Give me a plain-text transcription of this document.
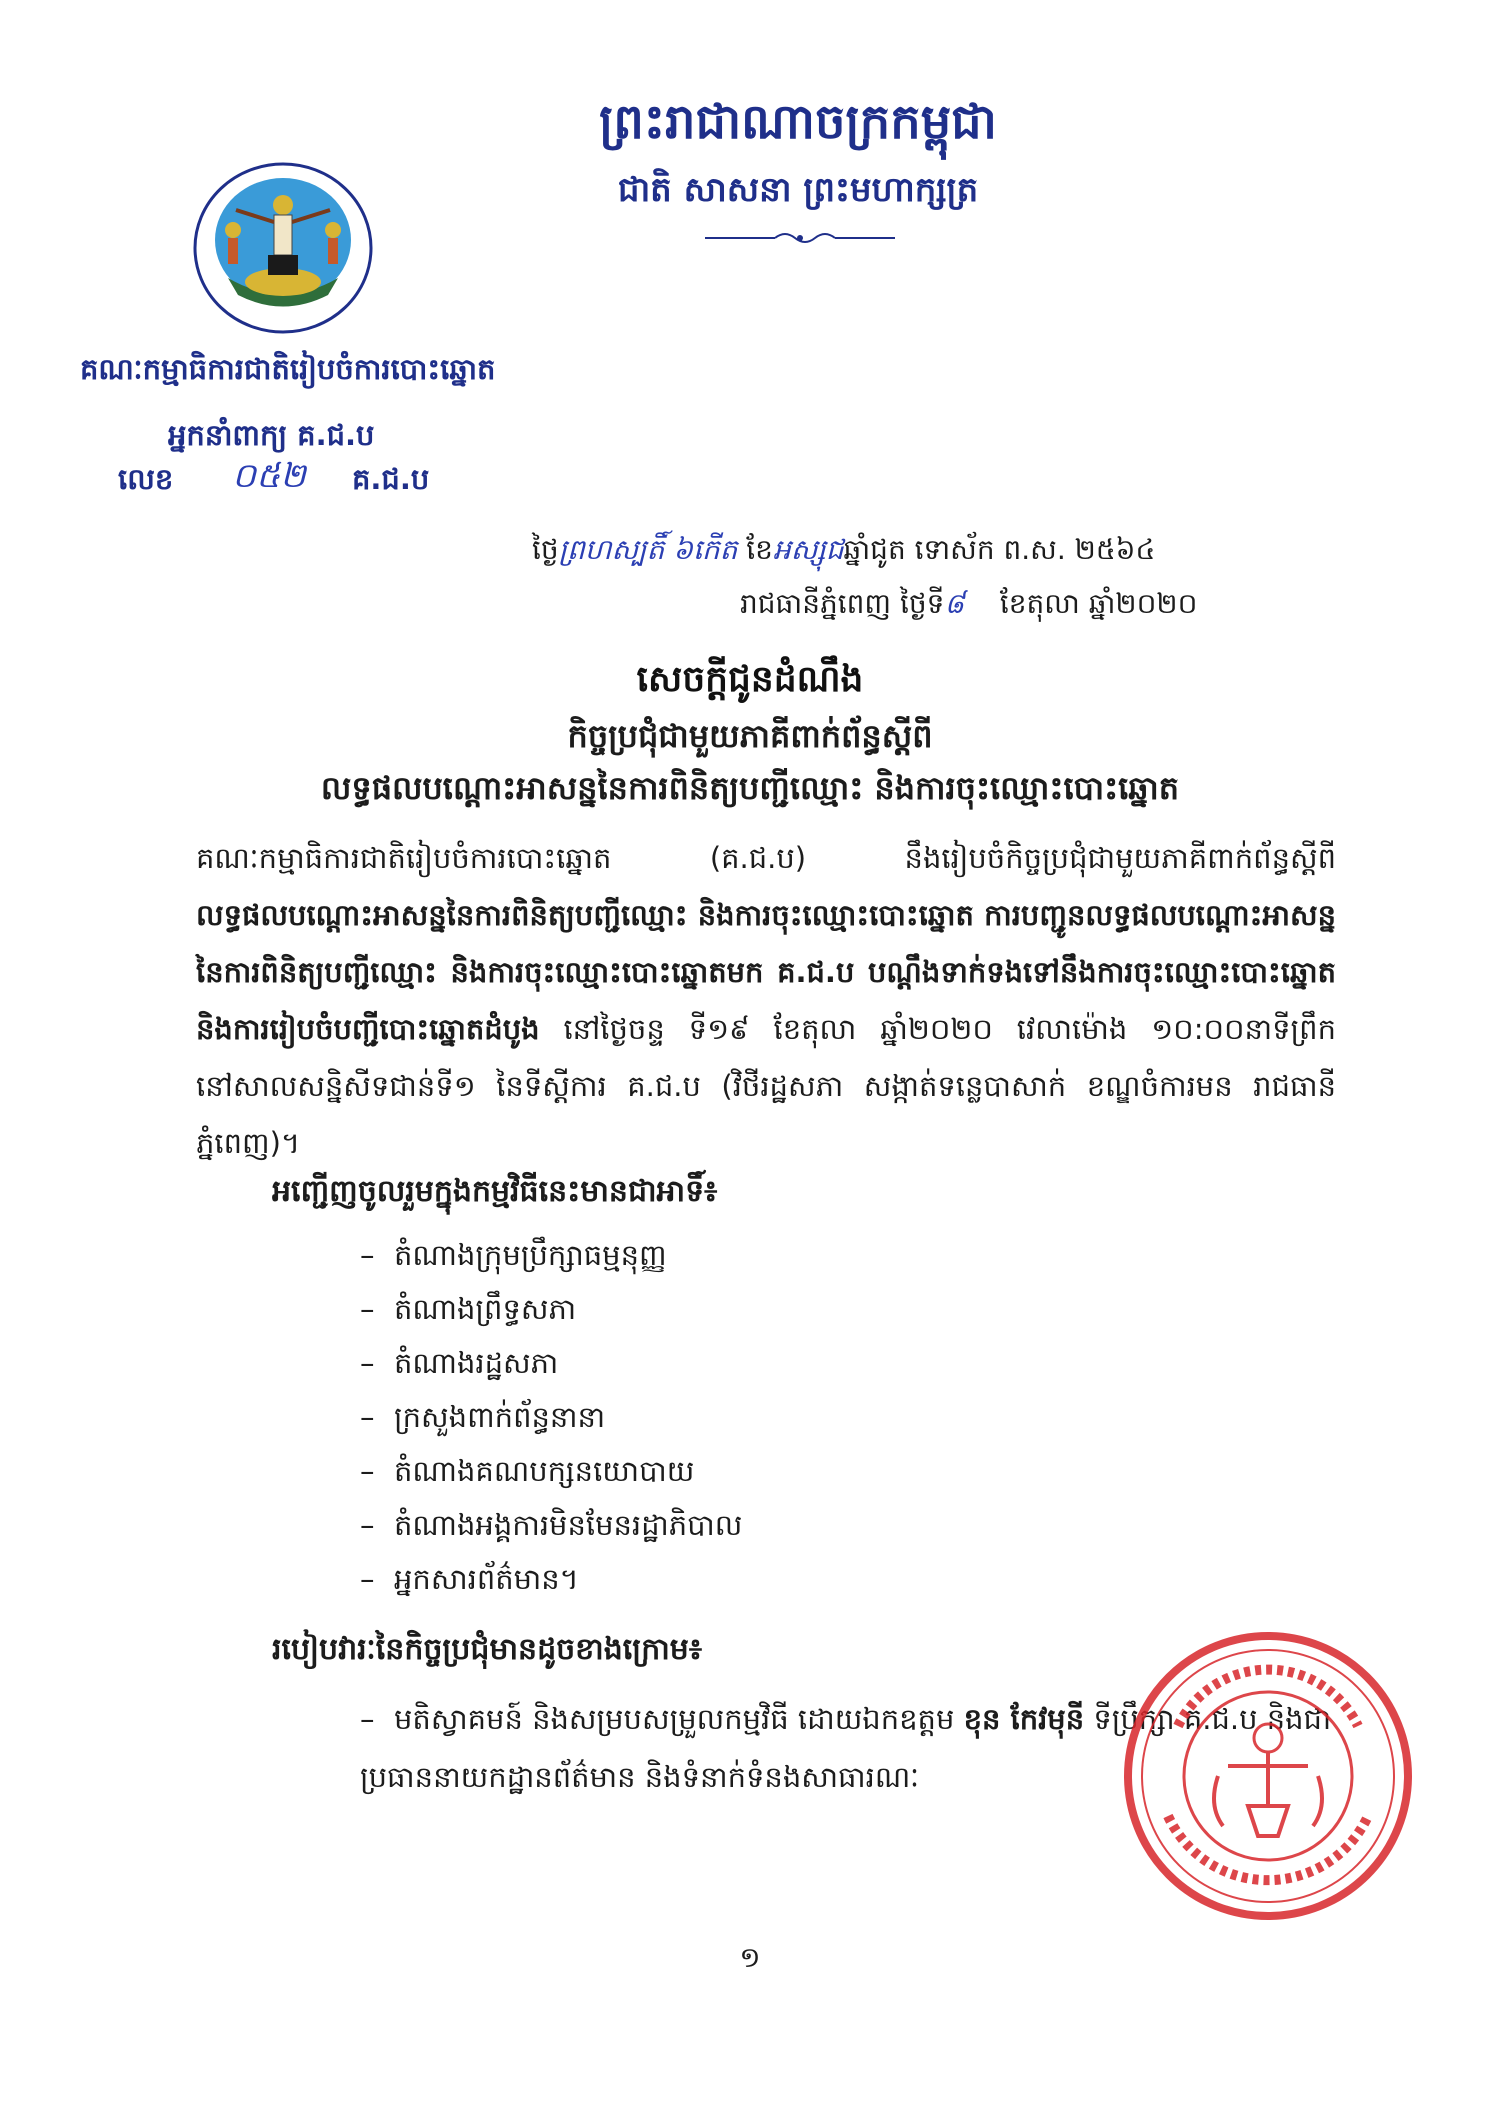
ព្រះរាជាណាចក្រកម្ពុជា
ជាតិ សាសនា ព្រះមហាក្សត្រ
គណៈកម្មាធិការជាតិរៀបចំការបោះឆ្នោត
អ្នកនាំពាក្យ គ.ជ.ប
លេខ ០៥២ គ.ជ.ប
ថ្ងៃព្រហស្បតិ៍ ៦កើត ខែអស្សុជឆ្នាំជូត ទោស័ក ព.ស. ២៥៦៤
រាជធានីភ្នំពេញ ថ្ងៃទី៨ ខែតុលា ឆ្នាំ២០២០
សេចក្តីជូនដំណឹង
កិច្ចប្រជុំជាមួយភាគីពាក់ព័ន្ធស្តីពី
លទ្ធផលបណ្តោះអាសន្ននៃការពិនិត្យបញ្ជីឈ្មោះ និងការចុះឈ្មោះបោះឆ្នោត
គណៈកម្មាធិការជាតិរៀបចំការបោះឆ្នោត (គ.ជ.ប) នឹងរៀបចំកិច្ចប្រជុំជាមួយភាគីពាក់ព័ន្ធស្តីពី លទ្ធផលបណ្តោះអាសន្ននៃការពិនិត្យបញ្ជីឈ្មោះ និងការចុះឈ្មោះបោះឆ្នោត ការបញ្ជូនលទ្ធផលបណ្តោះអាសន្ននៃការពិនិត្យបញ្ជីឈ្មោះ និងការចុះឈ្មោះបោះឆ្នោតមក គ.ជ.ប បណ្តឹងទាក់ទងទៅនឹងការចុះឈ្មោះបោះឆ្នោត និងការរៀបចំបញ្ជីបោះឆ្នោតដំបូង នៅថ្ងៃចន្ទ ទី១៩ ខែតុលា ឆ្នាំ២០២០ វេលាម៉ោង ១០:០០នាទីព្រឹក នៅសាលសន្និសីទជាន់ទី១ នៃទីស្តីការ គ.ជ.ប (វិថីរដ្ឋសភា សង្កាត់ទន្លេបាសាក់ ខណ្ឌចំការមន រាជធានីភ្នំពេញ)។
អញ្ជើញចូលរួមក្នុងកម្មវិធីនេះមានជាអាទិ៍៖
– តំណាងក្រុមប្រឹក្សាធម្មនុញ្ញ
– តំណាងព្រឹទ្ធសភា
– តំណាងរដ្ឋសភា
– ក្រសួងពាក់ព័ន្ធនានា
– តំណាងគណបក្សនយោបាយ
– តំណាងអង្គការមិនមែនរដ្ឋាភិបាល
– អ្នកសារព័ត៌មាន។
របៀបវារៈនៃកិច្ចប្រជុំមានដូចខាងក្រោម៖
– មតិស្វាគមន៍ និងសម្របសម្រួលកម្មវិធី ដោយឯកឧត្តម ខុន កែវមុនី ទីប្រឹក្សា គ.ជ.ប និងជាប្រធាននាយកដ្ឋានព័ត៌មាន និងទំនាក់ទំនងសាធារណៈ
១
